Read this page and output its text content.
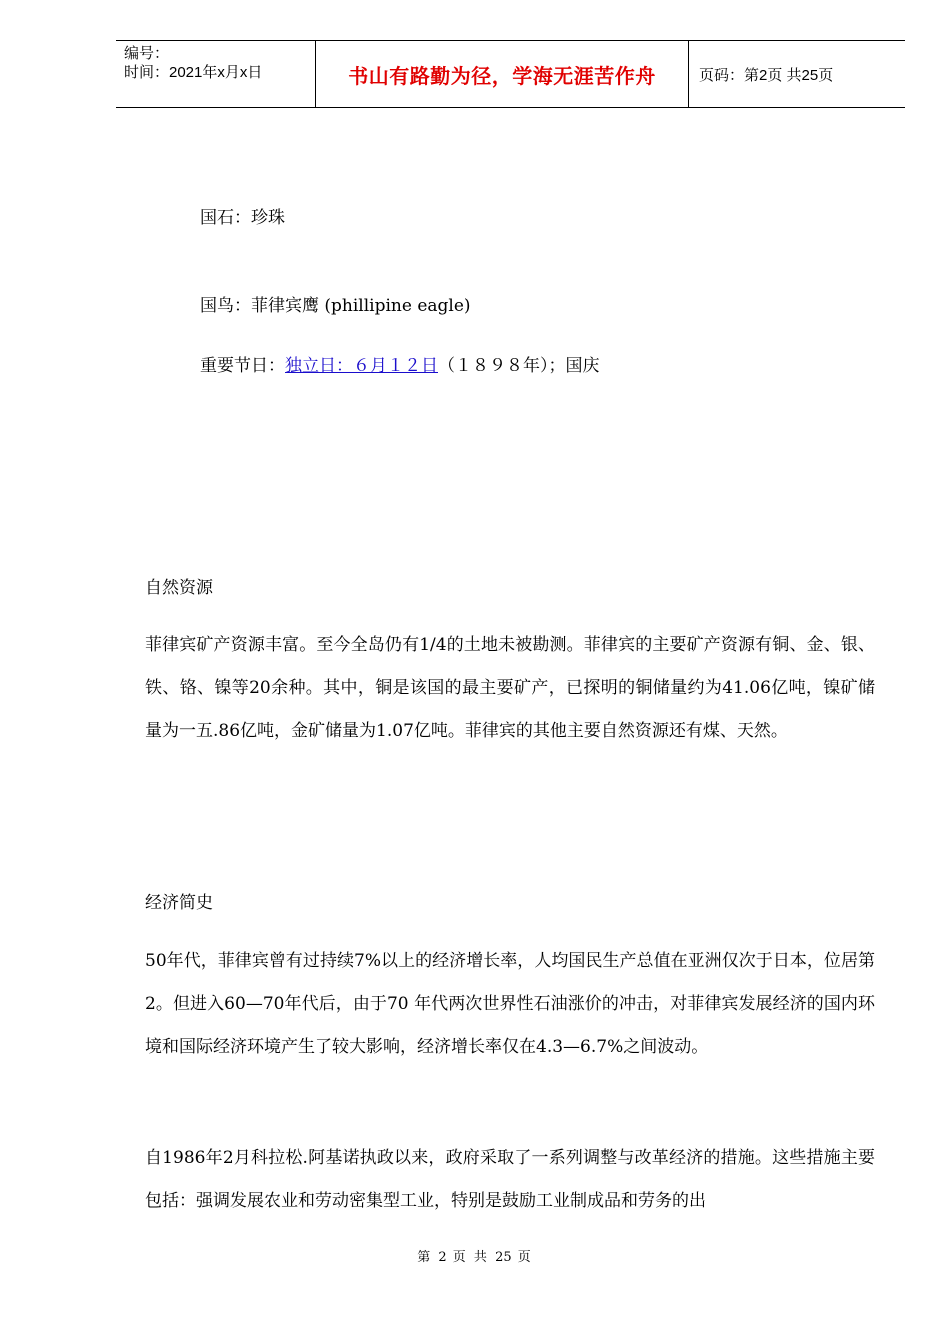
编号：
时间：2021年x月x日	书山有路勤为径，学海无涯苦作舟	页码：第2页 共25页
国石：珍珠
国鸟：菲律宾鹰 (phillipine eagle)
重要节日：独立日：６月１２日（１８９８年）；国庆
自然资源
菲律宾矿产资源丰富。至今全岛仍有1/4的土地未被勘测。菲律宾的主要矿产资源有铜、金、银、铁、铬、镍等20余种。其中，铜是该国的最主要矿产，已探明的铜储量约为41.06亿吨，镍矿储量为一五.86亿吨，金矿储量为1.07亿吨。菲律宾的其他主要自然资源还有煤、天然。
经济简史
50年代，菲律宾曾有过持续7%以上的经济增长率，人均国民生产总值在亚洲仅次于日本，位居第2。但进入60—70年代后，由于70 年代两次世界性石油涨价的冲击，对菲律宾发展经济的国内环境和国际经济环境产生了较大影响，经济增长率仅在4.3—6.7%之间波动。
自1986年2月科拉松.阿基诺执政以来，政府采取了一系列调整与改革经济的措施。这些措施主要包括：强调发展农业和劳动密集型工业，特别是鼓励工业制成品和劳务的出
第 2 页 共 25 页
